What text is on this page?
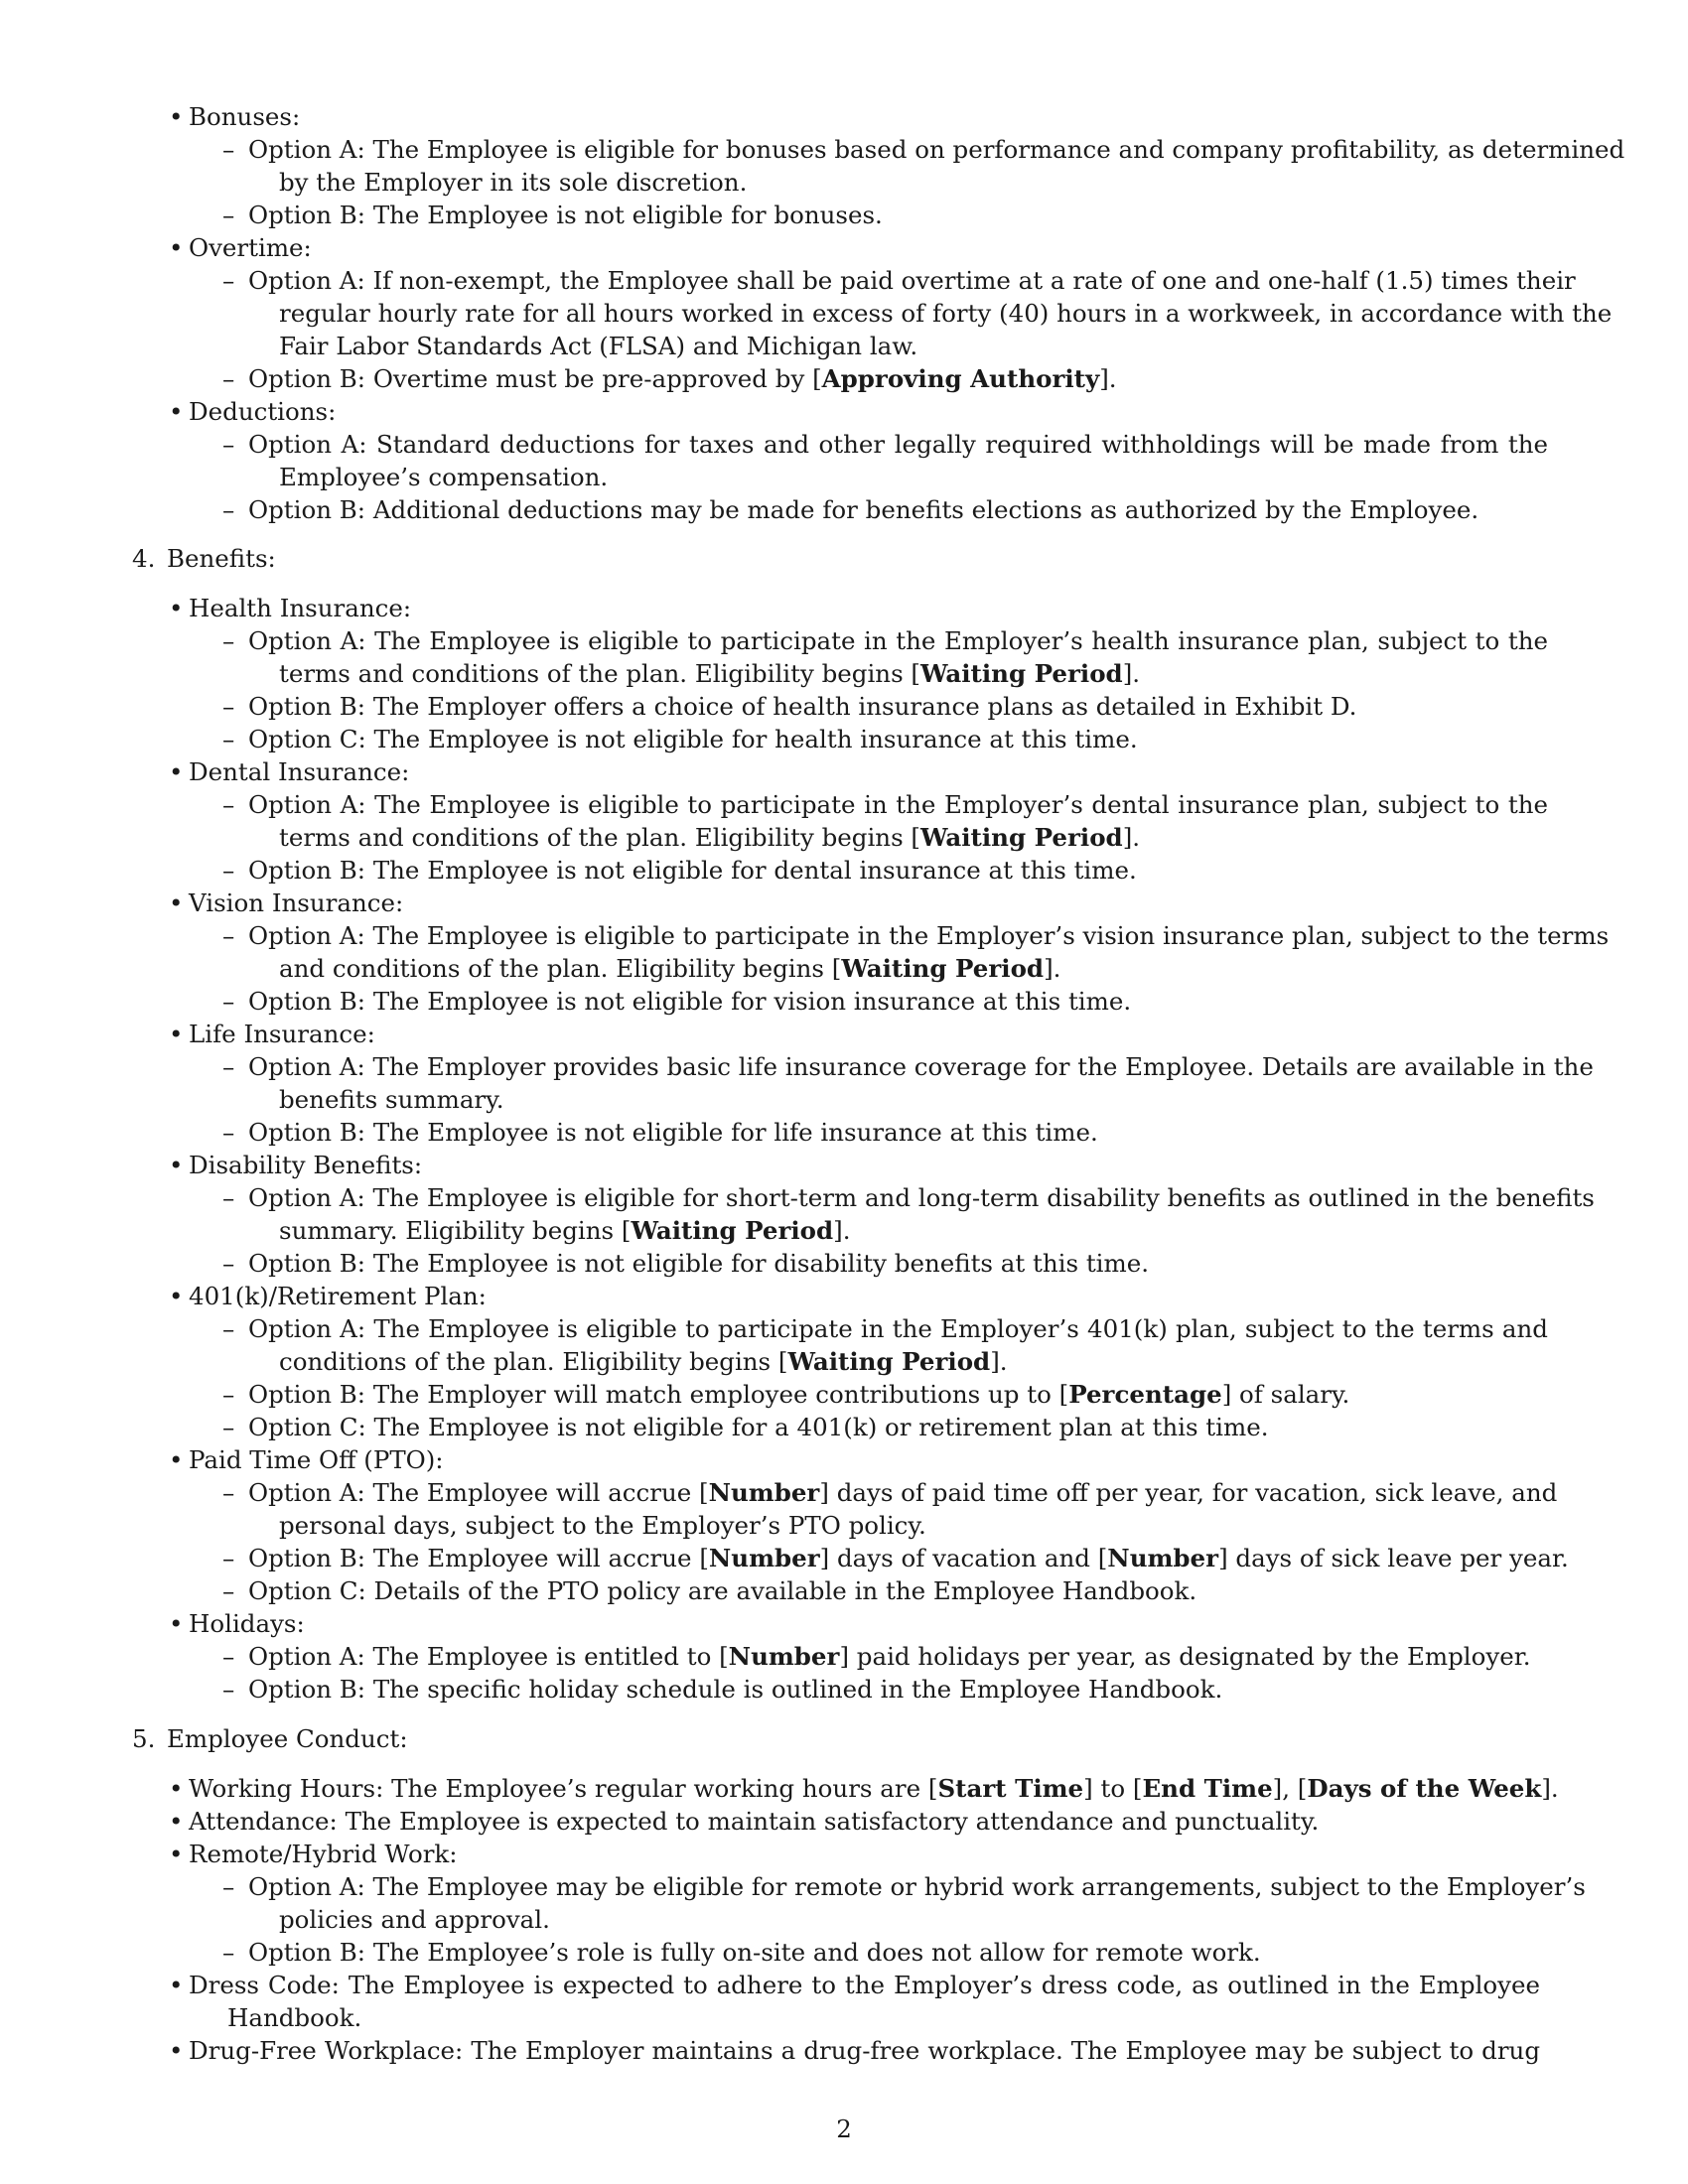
• Bonuses:
– Option A: The Employee is eligible for bonuses based on performance and company profitability, as determined
by the Employer in its sole discretion.
– Option B: The Employee is not eligible for bonuses.
• Overtime:
– Option A: If non-exempt, the Employee shall be paid overtime at a rate of one and one-half (1.5) times their
regular hourly rate for all hours worked in excess of forty (40) hours in a workweek, in accordance with the
Fair Labor Standards Act (FLSA) and Michigan law.
– Option B: Overtime must be pre-approved by [Approving Authority].
• Deductions:
– Option A: Standard deductions for taxes and other legally required withholdings will be made from the
Employee’s compensation.
– Option B: Additional deductions may be made for benefits elections as authorized by the Employee.
4. Benefits:
• Health Insurance:
– Option A: The Employee is eligible to participate in the Employer’s health insurance plan, subject to the
terms and conditions of the plan. Eligibility begins [Waiting Period].
– Option B: The Employer offers a choice of health insurance plans as detailed in Exhibit D.
– Option C: The Employee is not eligible for health insurance at this time.
• Dental Insurance:
– Option A: The Employee is eligible to participate in the Employer’s dental insurance plan, subject to the
terms and conditions of the plan. Eligibility begins [Waiting Period].
– Option B: The Employee is not eligible for dental insurance at this time.
• Vision Insurance:
– Option A: The Employee is eligible to participate in the Employer’s vision insurance plan, subject to the terms
and conditions of the plan. Eligibility begins [Waiting Period].
– Option B: The Employee is not eligible for vision insurance at this time.
• Life Insurance:
– Option A: The Employer provides basic life insurance coverage for the Employee. Details are available in the
benefits summary.
– Option B: The Employee is not eligible for life insurance at this time.
• Disability Benefits:
– Option A: The Employee is eligible for short-term and long-term disability benefits as outlined in the benefits
summary. Eligibility begins [Waiting Period].
– Option B: The Employee is not eligible for disability benefits at this time.
• 401(k)/Retirement Plan:
– Option A: The Employee is eligible to participate in the Employer’s 401(k) plan, subject to the terms and
conditions of the plan. Eligibility begins [Waiting Period].
– Option B: The Employer will match employee contributions up to [Percentage] of salary.
– Option C: The Employee is not eligible for a 401(k) or retirement plan at this time.
• Paid Time Off (PTO):
– Option A: The Employee will accrue [Number] days of paid time off per year, for vacation, sick leave, and
personal days, subject to the Employer’s PTO policy.
– Option B: The Employee will accrue [Number] days of vacation and [Number] days of sick leave per year.
– Option C: Details of the PTO policy are available in the Employee Handbook.
• Holidays:
– Option A: The Employee is entitled to [Number] paid holidays per year, as designated by the Employer.
– Option B: The specific holiday schedule is outlined in the Employee Handbook.
5. Employee Conduct:
• Working Hours: The Employee’s regular working hours are [Start Time] to [End Time], [Days of the Week].
• Attendance: The Employee is expected to maintain satisfactory attendance and punctuality.
• Remote/Hybrid Work:
– Option A: The Employee may be eligible for remote or hybrid work arrangements, subject to the Employer’s
policies and approval.
– Option B: The Employee’s role is fully on-site and does not allow for remote work.
• Dress Code: The Employee is expected to adhere to the Employer’s dress code, as outlined in the Employee
Handbook.
• Drug-Free Workplace: The Employer maintains a drug-free workplace. The Employee may be subject to drug
2
